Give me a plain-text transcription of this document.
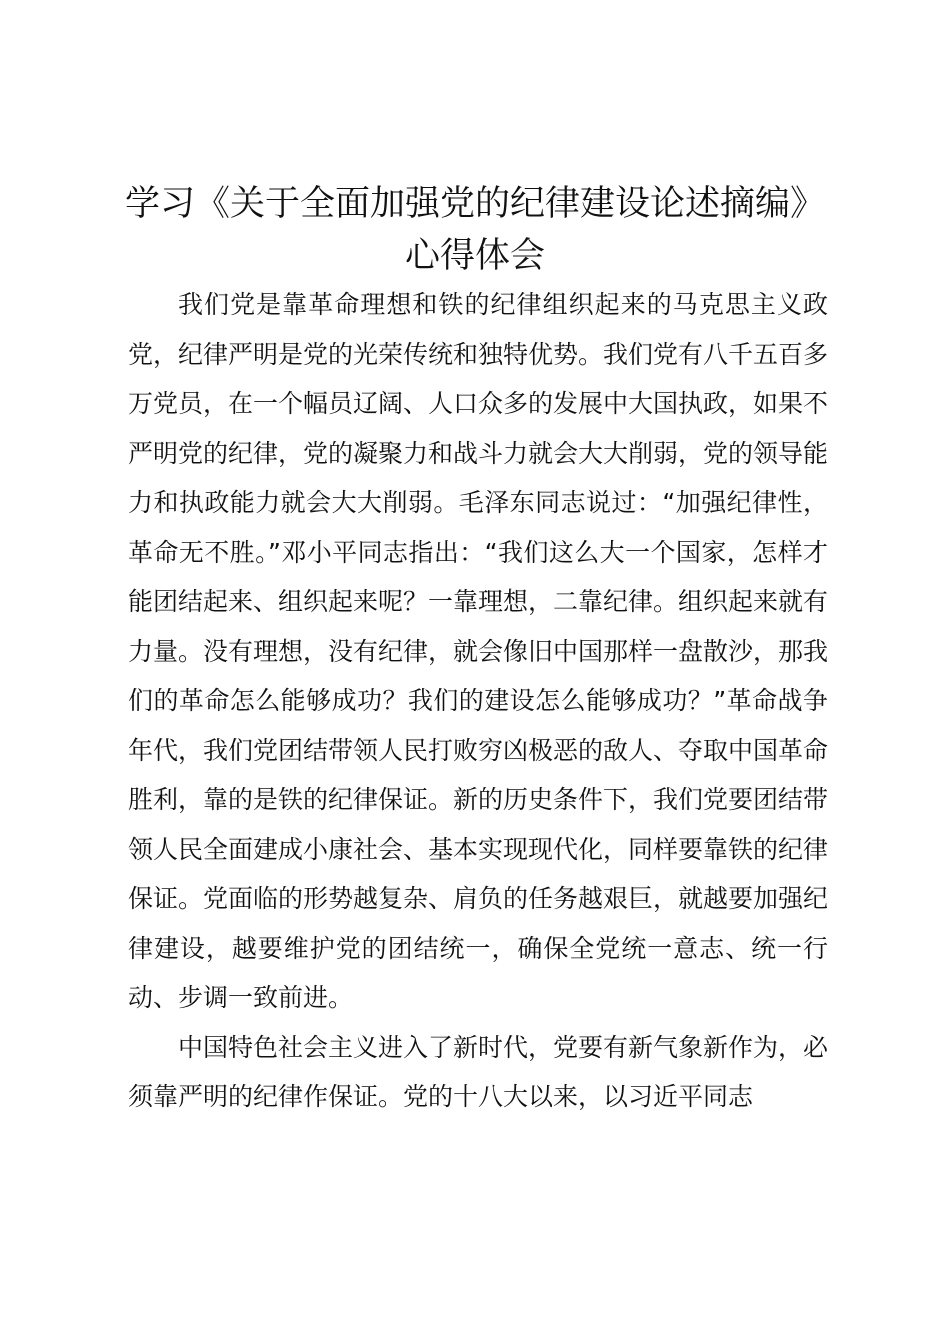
学习《关于全面加强党的纪律建设论述摘编》
心得体会

我们党是靠革命理想和铁的纪律组织起来的马克思主义政党，纪律严明是党的光荣传统和独特优势。我们党有八千五百多万党员，在一个幅员辽阔、人口众多的发展中大国执政，如果不严明党的纪律，党的凝聚力和战斗力就会大大削弱，党的领导能力和执政能力就会大大削弱。毛泽东同志说过：“加强纪律性，革命无不胜。”邓小平同志指出：“我们这么大一个国家，怎样才能团结起来、组织起来呢？一靠理想，二靠纪律。组织起来就有力量。没有理想，没有纪律，就会像旧中国那样一盘散沙，那我们的革命怎么能够成功？我们的建设怎么能够成功？”革命战争年代，我们党团结带领人民打败穷凶极恶的敌人、夺取中国革命胜利，靠的是铁的纪律保证。新的历史条件下，我们党要团结带领人民全面建成小康社会、基本实现现代化，同样要靠铁的纪律保证。党面临的形势越复杂、肩负的任务越艰巨，就越要加强纪律建设，越要维护党的团结统一，确保全党统一意志、统一行动、步调一致前进。

中国特色社会主义进入了新时代，党要有新气象新作为，必须靠严明的纪律作保证。党的十八大以来，以习近平同志
